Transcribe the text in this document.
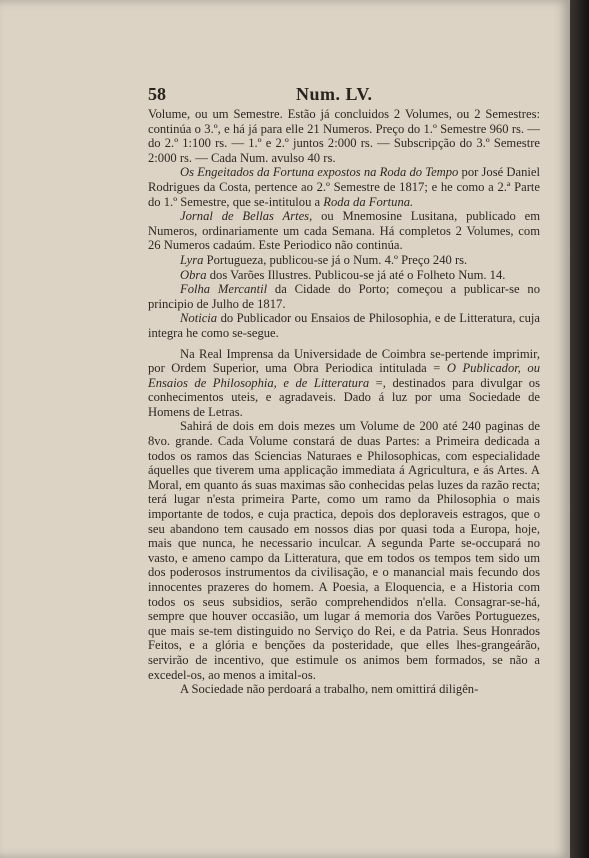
58	Num. LV.

Volume, ou um Semestre. Estão já concluidos 2 Volumes, ou 2 Semestres: continúa o 3.º, e há já para elle 21 Numeros. Preço do 1.º Semestre 960 rs. — do 2.º 1:100 rs. — 1.º e 2.º juntos 2:000 rs. — Subscripção do 3.º Semestre 2:000 rs. — Cada Num. avulso 40 rs.

Os Engeitados da Fortuna expostos na Roda do Tempo por José Daniel Rodrigues da Costa, pertence ao 2.º Semestre de 1817; e he como a 2.ª Parte do 1.º Semestre, que se-intitulou a Roda da Fortuna.

Jornal de Bellas Artes, ou Mnemosine Lusitana, publicado em Numeros, ordinariamente um cada Semana. Há completos 2 Volumes, com 26 Numeros cadaúm. Este Periodico não continúa.

Lyra Portugueza, publicou-se já o Num. 4.º Preço 240 rs.

Obra dos Varões Illustres. Publicou-se já até o Folheto Num. 14.

Folha Mercantil da Cidade do Porto; começou a publicar-se no principio de Julho de 1817.

Noticia do Publicador ou Ensaios de Philosophia, e de Litteratura, cuja integra he como se-segue.

Na Real Imprensa da Universidade de Coimbra se-pertende imprimir, por Ordem Superior, uma Obra Periodica intitulada = O Publicador, ou Ensaios de Philosophia, e de Litteratura =, destinados para divulgar os conhecimentos uteis, e agradaveis. Dado á luz por uma Sociedade de Homens de Letras.

Sahirá de dois em dois mezes um Volume de 200 até 240 paginas de 8vo. grande. Cada Volume constará de duas Partes: a Primeira dedicada a todos os ramos das Sciencias Naturaes e Philosophicas, com especialidade áquelles que tiverem uma applicação immediata á Agricultura, e ás Artes. A Moral, em quanto ás suas maximas são conhecidas pelas luzes da razão recta; terá lugar n'esta primeira Parte, como um ramo da Philosophia o mais importante de todos, e cuja practica, depois dos deploraveis estragos, que o seu abandono tem causado em nossos dias por quasi toda a Europa, hoje, mais que nunca, he necessario inculcar. A segunda Parte se-occupará no vasto, e ameno campo da Litteratura, que em todos os tempos tem sido um dos poderosos instrumentos da civilisação, e o manancial mais fecundo dos innocentes prazeres do homem. A Poesia, a Eloquencia, e a Historia com todos os seus subsidios, serão comprehendidos n'ella. Consagrar-se-há, sempre que houver occasião, um lugar á memoria dos Varões Portuguezes, que mais se-tem distinguido no Serviço do Rei, e da Patria. Seus Honrados Feitos, e a glória e benções da posteridade, que elles lhes-grangeárão, servirão de incentivo, que estimule os animos bem formados, se não a excedel-os, ao menos a imital-os.

A Sociedade não perdoará a trabalho, nem omittirá diligên-
